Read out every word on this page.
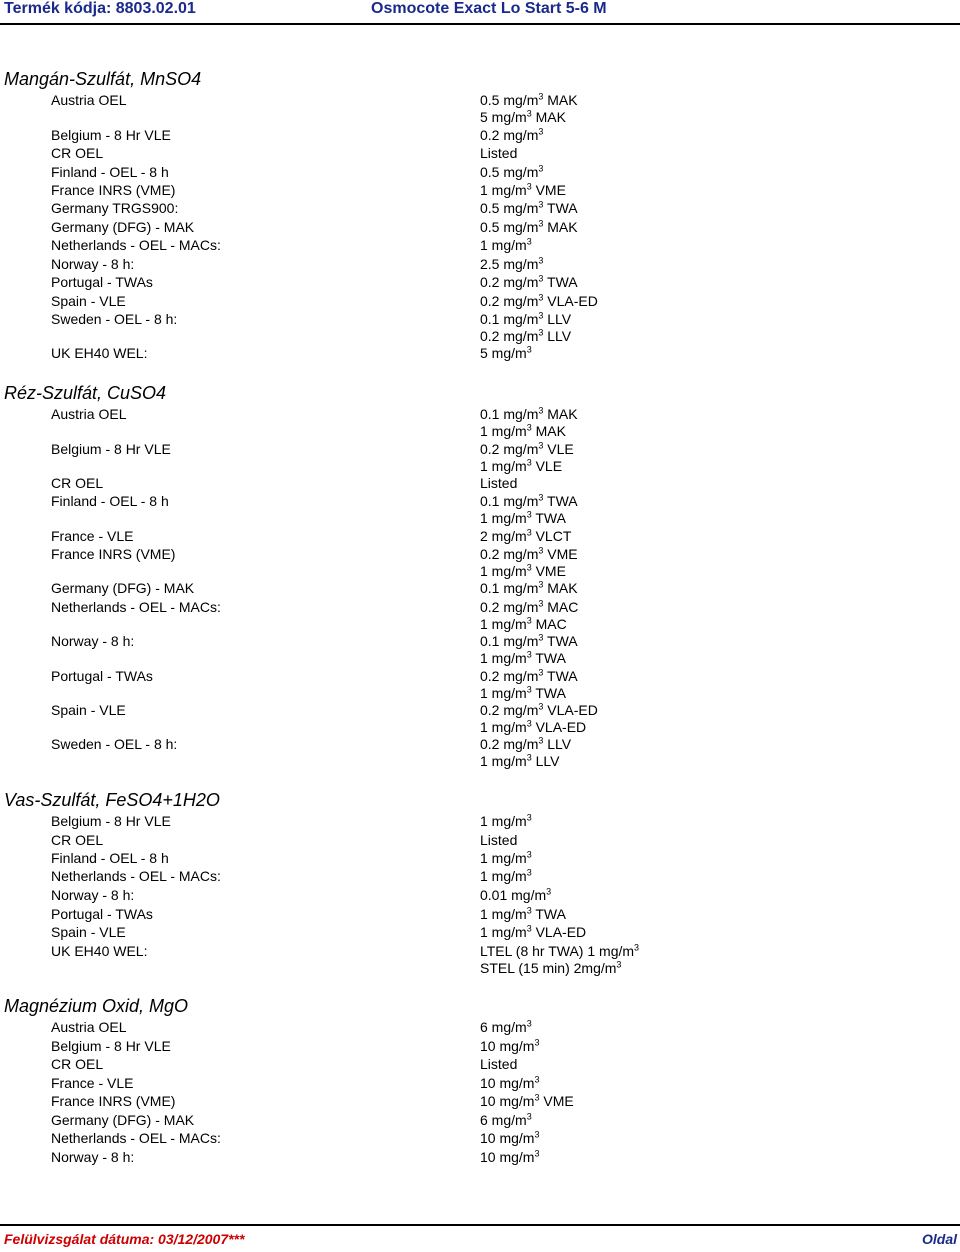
Termék kódja: 8803.02.01	Osmocote Exact Lo Start 5-6 M
Mangán-Szulfát, MnSO4
Austria OEL	0.5 $mg/m^3$ MAK
5 $mg/m^3$ MAK
Belgium - 8 Hr VLE	0.2 $mg/m^3$
CR OEL	Listed
Finland - OEL - 8 h	0.5 $mg/m^3$
France INRS (VME)	1 $mg/m^3$ VME
Germany TRGS900:	0.5 $mg/m^3$ TWA
Germany (DFG) - MAK	0.5 $mg/m^3$ MAK
Netherlands - OEL - MACs:	1 $mg/m^3$
Norway - 8 h:	2.5 $mg/m^3$
Portugal - TWAs	0.2 $mg/m^3$ TWA
Spain - VLE	0.2 $mg/m^3$ VLA-ED
Sweden - OEL - 8 h:	0.1 $mg/m^3$ LLV
0.2 $mg/m^3$ LLV
UK EH40 WEL:	5 $mg/m^3$
Réz-Szulfát, CuSO4
Austria OEL	0.1 $mg/m^3$ MAK
1 $mg/m^3$ MAK
Belgium - 8 Hr VLE	0.2 $mg/m^3$ VLE
1 $mg/m^3$ VLE
CR OEL	Listed
Finland - OEL - 8 h	0.1 $mg/m^3$ TWA
1 $mg/m^3$ TWA
France - VLE	2 $mg/m^3$ VLCT
France INRS (VME)	0.2 $mg/m^3$ VME
1 $mg/m^3$ VME
Germany (DFG) - MAK	0.1 $mg/m^3$ MAK
Netherlands - OEL - MACs:	0.2 $mg/m^3$ MAC
1 $mg/m^3$ MAC
Norway - 8 h:	0.1 $mg/m^3$ TWA
1 $mg/m^3$ TWA
Portugal - TWAs	0.2 $mg/m^3$ TWA
1 $mg/m^3$ TWA
Spain - VLE	0.2 $mg/m^3$ VLA-ED
1 $mg/m^3$ VLA-ED
Sweden - OEL - 8 h:	0.2 $mg/m^3$ LLV
1 $mg/m^3$ LLV
Vas-Szulfát, FeSO4+1H2O
Belgium - 8 Hr VLE	1 $mg/m^3$
CR OEL	Listed
Finland - OEL - 8 h	1 $mg/m^3$
Netherlands - OEL - MACs:	1 $mg/m^3$
Norway - 8 h:	0.01 $mg/m^3$
Portugal - TWAs	1 $mg/m^3$ TWA
Spain - VLE	1 $mg/m^3$ VLA-ED
UK EH40 WEL:	LTEL (8 hr TWA) 1 $mg/m^3$
STEL (15 min) $2mg/m^3$
Magnézium Oxid, MgO
Austria OEL	6 $mg/m^3$
Belgium - 8 Hr VLE	10 $mg/m^3$
CR OEL	Listed
France - VLE	10 $mg/m^3$
France INRS (VME)	10 $mg/m^3$ VME
Germany (DFG) - MAK	6 $mg/m^3$
Netherlands - OEL - MACs:	10 $mg/m^3$
Norway - 8 h:	10 $mg/m^3$
Felülvizsgálat dátuma: 03/12/2007***	Oldal
